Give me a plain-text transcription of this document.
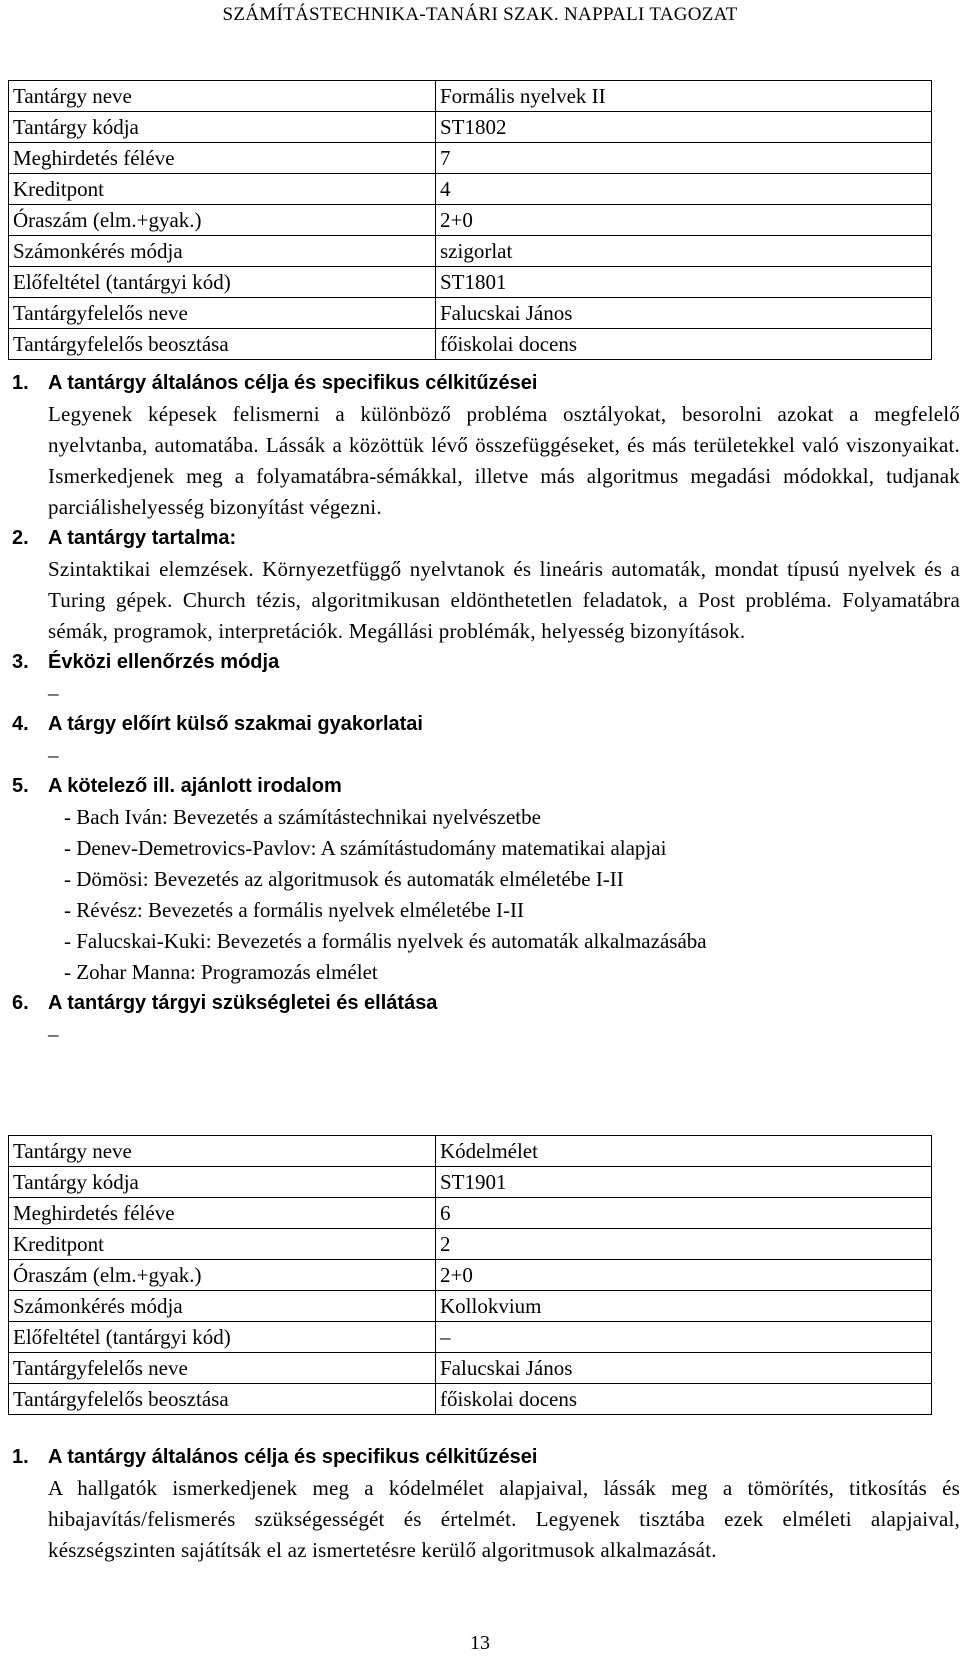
SZÁMÍTÁSTECHNIKA-TANÁRI SZAK. NAPPALI TAGOZAT
Tantárgy neve	Formális nyelvek II
Tantárgy kódja	ST1802
Meghirdetés féléve	7
Kreditpont	4
Óraszám (elm.+gyak.)	2+0
Számonkérés módja	szigorlat
Előfeltétel (tantárgyi kód)	ST1801
Tantárgyfelelős neve	Falucskai János
Tantárgyfelelős beosztása	főiskolai docens
1. A tantárgy általános célja és specifikus célkitűzései
Legyenek képesek felismerni a különböző probléma osztályokat, besorolni azokat a megfelelő nyelvtanba, automatába. Lássák a közöttük lévő összefüggéseket, és más területekkel való viszonyaikat. Ismerkedjenek meg a folyamatábra-sémákkal, illetve más algoritmus megadási módokkal, tudjanak parciálishelyesség bizonyítást végezni.
2. A tantárgy tartalma:
Szintaktikai elemzések. Környezetfüggő nyelvtanok és lineáris automaták, mondat típusú nyelvek és a Turing gépek. Church tézis, algoritmikusan eldönthetetlen feladatok, a Post probléma. Folyamatábra sémák, programok, interpretációk. Megállási problémák, helyesség bizonyítások.
3. Évközi ellenőrzés módja
–
4. A tárgy előírt külső szakmai gyakorlatai
–
5. A kötelező ill. ajánlott irodalom
- Bach Iván: Bevezetés a számítástechnikai nyelvészetbe
- Denev-Demetrovics-Pavlov: A számítástudomány matematikai alapjai
- Dömösi: Bevezetés az algoritmusok és automaták elméletébe I-II
- Révész: Bevezetés a formális nyelvek elméletébe I-II
- Falucskai-Kuki: Bevezetés a formális nyelvek és automaták alkalmazásába
- Zohar Manna: Programozás elmélet
6. A tantárgy tárgyi szükségletei és ellátása
–
Tantárgy neve	Kódelmélet
Tantárgy kódja	ST1901
Meghirdetés féléve	6
Kreditpont	2
Óraszám (elm.+gyak.)	2+0
Számonkérés módja	Kollokvium
Előfeltétel (tantárgyi kód)	–
Tantárgyfelelős neve	Falucskai János
Tantárgyfelelős beosztása	főiskolai docens
1. A tantárgy általános célja és specifikus célkitűzései
A hallgatók ismerkedjenek meg a kódelmélet alapjaival, lássák meg a tömörítés, titkosítás és hibajavítás/felismerés szükségességét és értelmét. Legyenek tisztába ezek elméleti alapjaival, készségszinten sajátítsák el az ismertetésre kerülő algoritmusok alkalmazását.
13
